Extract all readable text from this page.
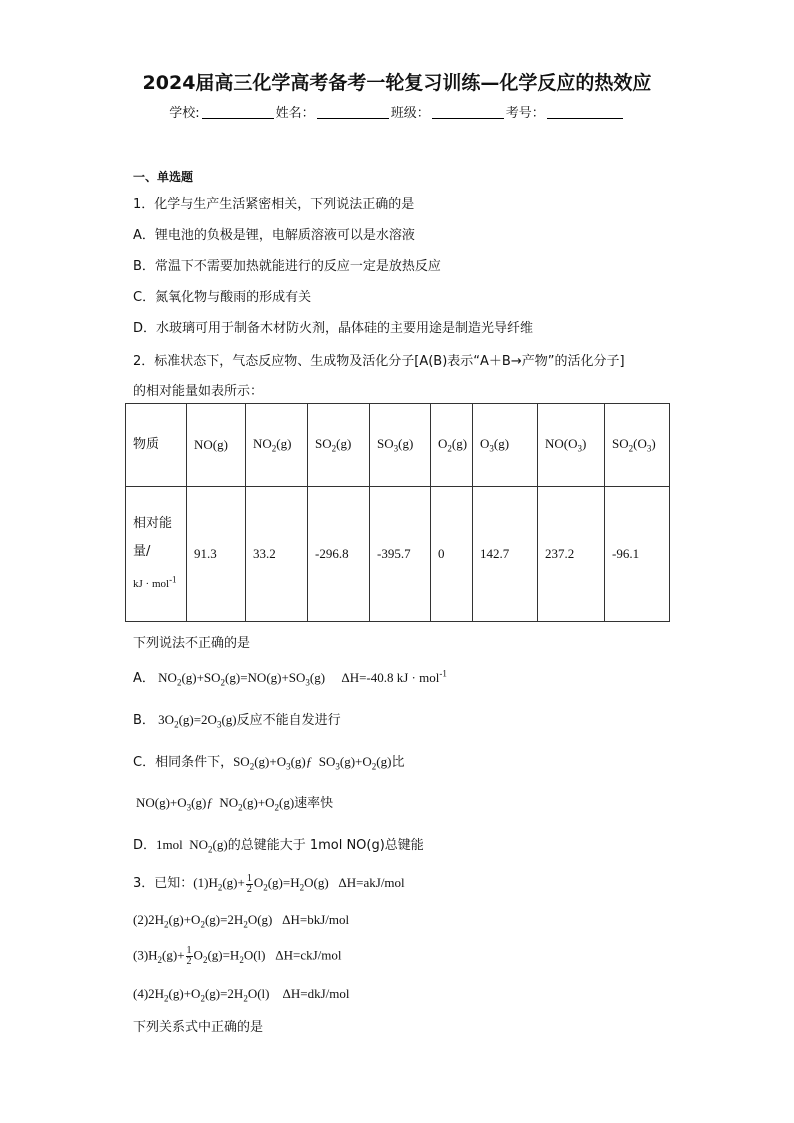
2024届高三化学高考备考一轮复习训练—化学反应的热效应
学校:	姓名：	班级：	考号：
一、单选题
1．化学与生产生活紧密相关，下列说法正确的是
A．锂电池的负极是锂，电解质溶液可以是水溶液
B．常温下不需要加热就能进行的反应一定是放热反应
C．氮氧化物与酸雨的形成有关
D．水玻璃可用于制备木材防火剂，晶体硅的主要用途是制造光导纤维
2．标准状态下，气态反应物、生成物及活化分子[A(B)表示“A＋B→产物”的活化分子]
的相对能量如表所示：
物质	NO(g)	$NO_2(g)$	$SO_2(g)$	$SO_3(g)$	$O_2(g)$	$O_3(g)$	$NO(O_3)$	$SO_2(O_3)$
相对能
量/
kJ · mol$^{-1}$	91.3	33.2	-296.8	-395.7	0	142.7	237.2	-96.1
下列说法不正确的是
A． $NO_2(g)+SO_2(g)=NO(g)+SO_3(g)$     ΔH=-40.8 kJ · mol$^{-1}$
B． $3O_2(g)=2O_3(g)$反应不能自发进行
C．相同条件下，$SO_2(g)+O_3(g)ƒ$  $SO_3(g)+O_2(g)$比
$NO(g)+O_3(g)ƒ$  $NO_2(g)+O_2(g)$速率快
D．1mol  $NO_2(g)$的总键能大于 1mol NO(g)总键能
3．已知：$(1)H_2(g)+ \frac{1}{2} O_2(g)=H_2O(g)$   ΔH=akJ/mol
$(2)2H_2(g)+O_2(g)=2H_2O(g)$   ΔH=bkJ/mol
$(3)H_2(g)+ \frac{1}{2} O_2(g)=H_2O(l)$   ΔH=ckJ/mol
$(4)2H_2(g)+O_2(g)=2H_2O(l)$    ΔH=dkJ/mol
下列关系式中正确的是
